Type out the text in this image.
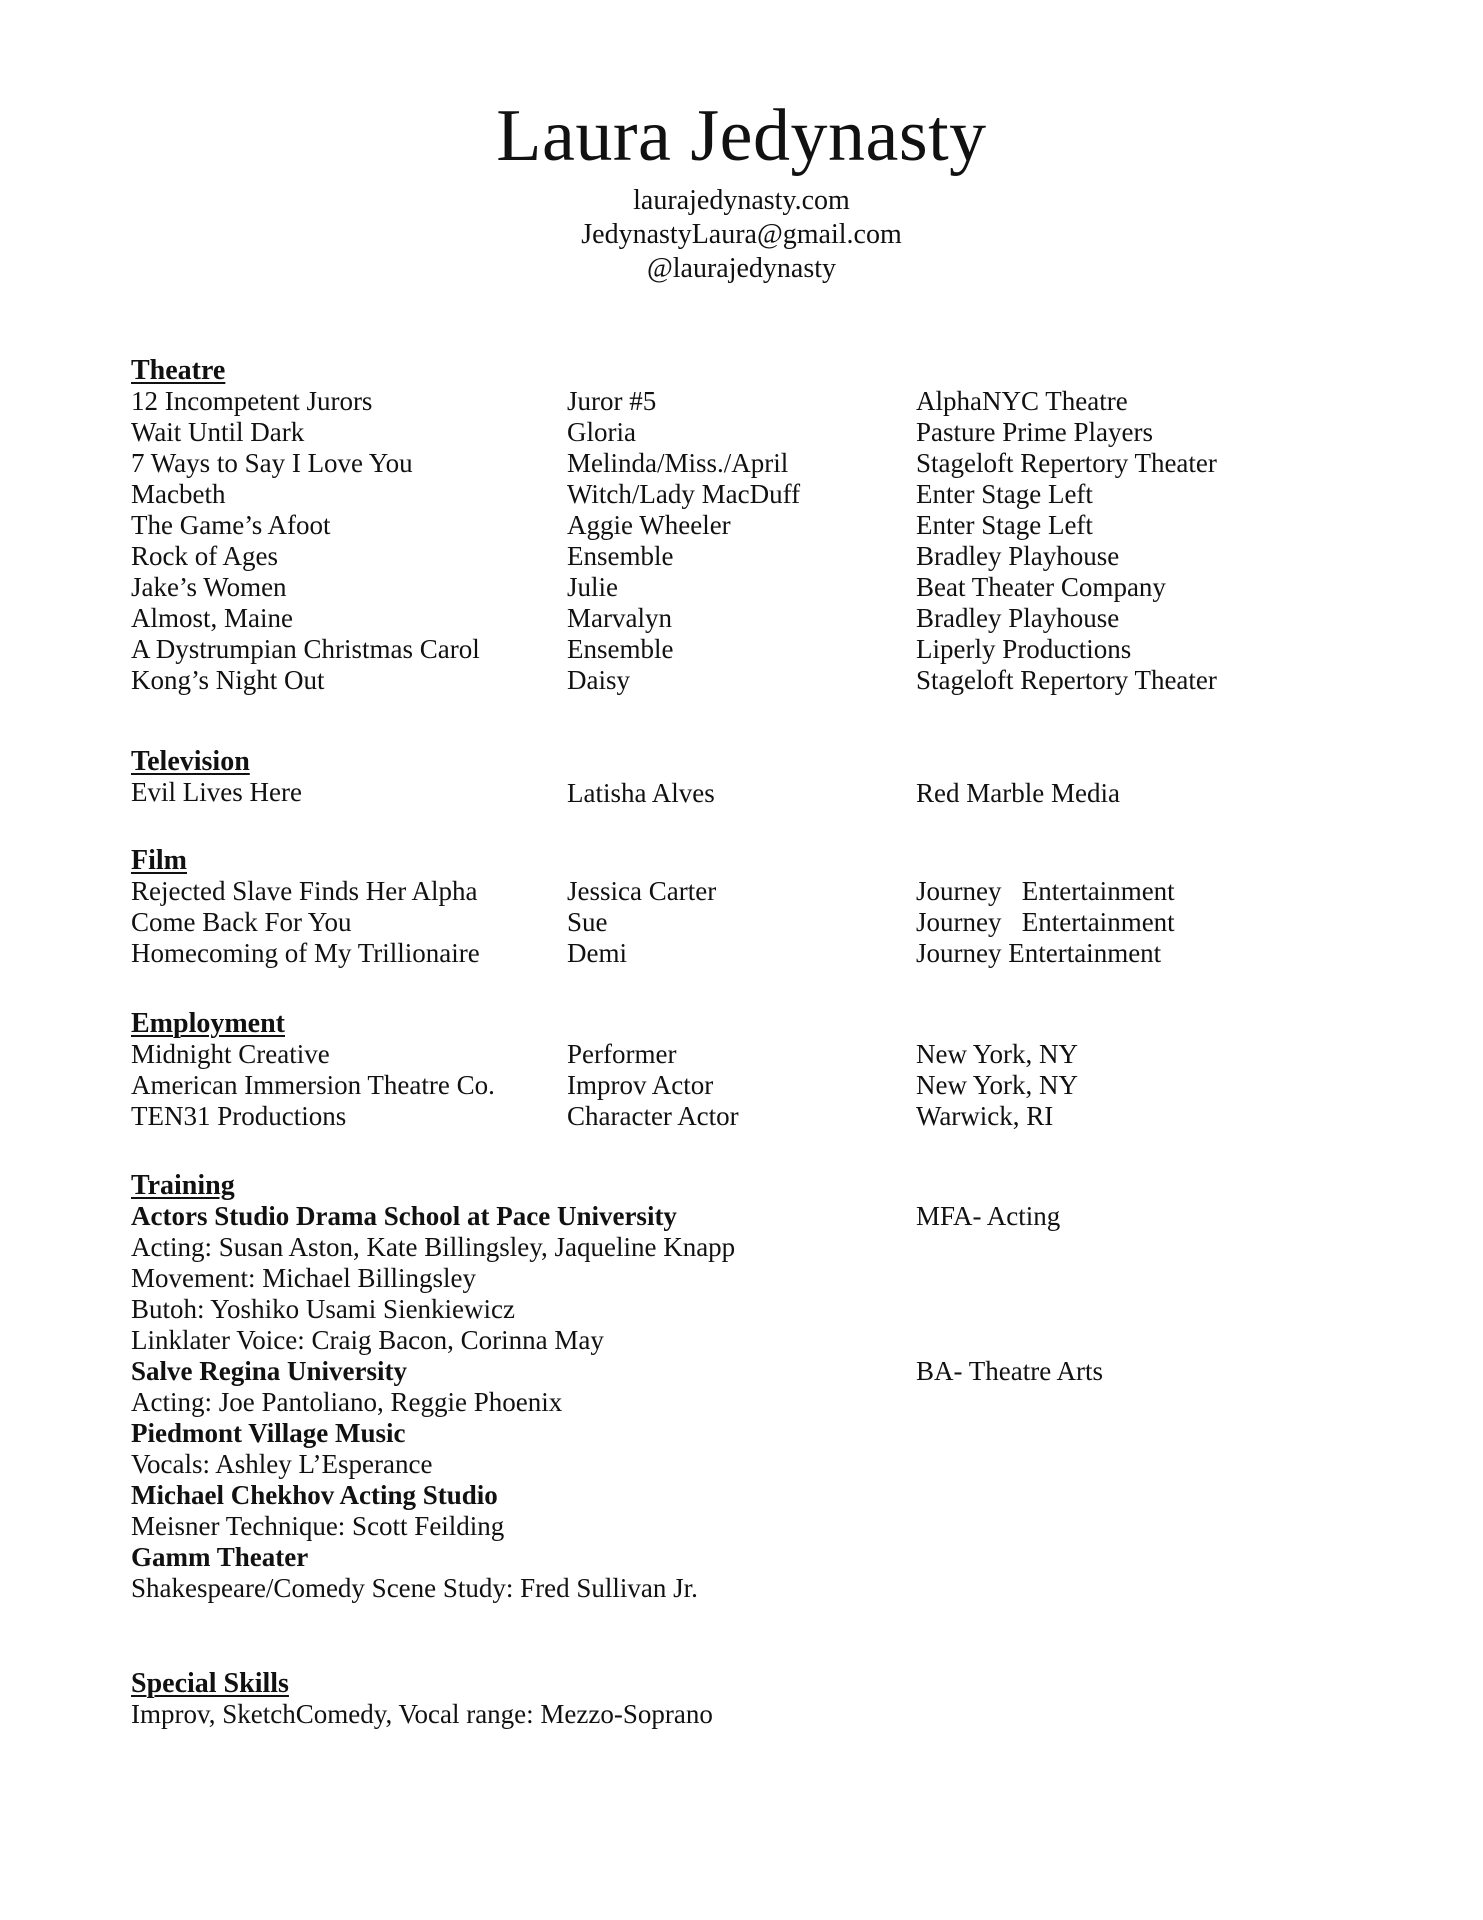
Laura Jedynasty
laurajedynasty.com
JedynastyLaura@gmail.com
@laurajedynasty
Theatre
12 Incompetent Jurors	Juror #5	AlphaNYC Theatre
Wait Until Dark	Gloria	Pasture Prime Players
7 Ways to Say I Love You	Melinda/Miss./April	Stageloft Repertory Theater
Macbeth	Witch/Lady MacDuff	Enter Stage Left
The Game’s Afoot	Aggie Wheeler	Enter Stage Left
Rock of Ages	Ensemble	Bradley Playhouse
Jake’s Women	Julie	Beat Theater Company
Almost, Maine	Marvalyn	Bradley Playhouse
A Dystrumpian Christmas Carol	Ensemble	Liperly Productions
Kong’s Night Out	Daisy	Stageloft Repertory Theater
Television
Evil Lives Here	Latisha Alves	Red Marble Media
Film
Rejected Slave Finds Her Alpha	Jessica Carter	Journey   Entertainment
Come Back For You	Sue	Journey   Entertainment
Homecoming of My Trillionaire	Demi	Journey Entertainment
Employment
Midnight Creative	Performer	New York, NY
American Immersion Theatre Co.	Improv Actor	New York, NY
TEN31 Productions	Character Actor	Warwick, RI
Training
Actors Studio Drama School at Pace University	MFA- Acting
Acting: Susan Aston, Kate Billingsley, Jaqueline Knapp
Movement: Michael Billingsley
Butoh: Yoshiko Usami Sienkiewicz
Linklater Voice: Craig Bacon, Corinna May
Salve Regina University	BA- Theatre Arts
Acting: Joe Pantoliano, Reggie Phoenix
Piedmont Village Music
Vocals: Ashley L’Esperance
Michael Chekhov Acting Studio
Meisner Technique: Scott Feilding
Gamm Theater
Shakespeare/Comedy Scene Study: Fred Sullivan Jr.
Special Skills
Improv, SketchComedy, Vocal range: Mezzo-Soprano
